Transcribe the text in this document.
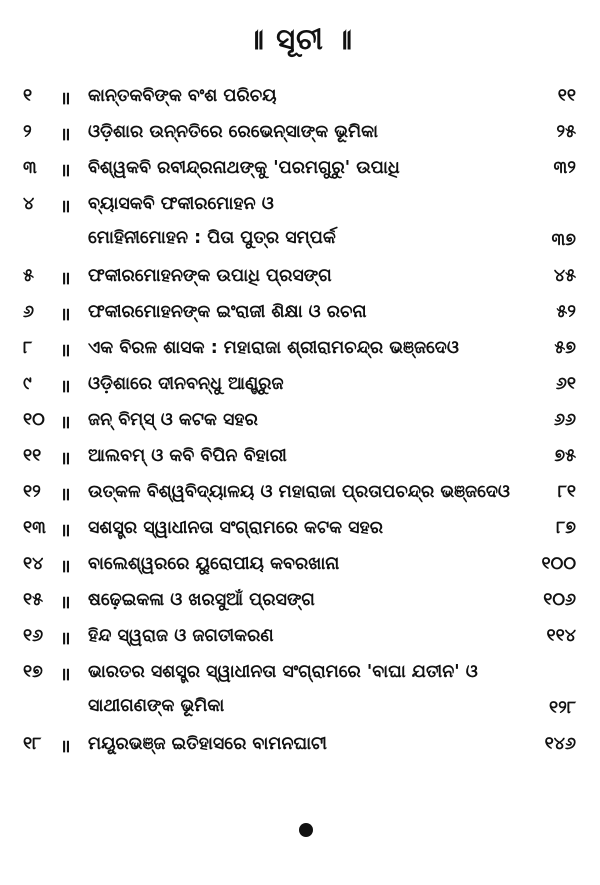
॥ ସୂଚୀ ॥
୧ ॥ କାନ୍ତକବିଙ୍କ ବଂଶ ପରିଚୟ	୧୧
୨ ॥ ଓଡ଼ିଶାର ଉନ୍ନତିରେ ରେଭେନ୍‌ସାଙ୍କ ଭୂମିକା	୨୫
୩ ॥ ବିଶ୍ୱକବି ରବୀନ୍ଦ୍ରନାଥଙ୍କୁ 'ପରମଗୁରୁ' ଉପାଧି	୩୨
୪ ॥ ବ୍ୟାସକବି ଫକୀରମୋହନ ଓ
ମୋହିନୀମୋହନ : ପିତା ପୁତ୍ର ସମ୍ପର୍କ	୩୭
୫ ॥ ଫକୀରମୋହନଙ୍କ ଉପାଧି ପ୍ରସଙ୍ଗ	୪୫
୬ ॥ ଫକୀରମୋହନଙ୍କ ଇଂରାଜୀ ଶିକ୍ଷା ଓ ରଚନା	୫୨
୮ ॥ ଏକ ବିରଳ ଶାସକ : ମହାରାଜା ଶ୍ରୀରାମଚନ୍ଦ୍ର ଭଞ୍ଜଦେଓ	୫୭
୯ ॥ ଓଡ଼ିଶାରେ ଦୀନବନ୍ଧୁ ଆଣ୍ଡ୍ରୁଜ	୬୧
୧୦ ॥ ଜନ୍ ବିମ୍‌ସ୍ ଓ କଟକ ସହର	୬୬
୧୧ ॥ ଆଲବମ୍ ଓ କବି ବିପିନ ବିହାରୀ	୭୫
୧୨ ॥ ଉତ୍କଳ ବିଶ୍ୱବିଦ୍ୟାଳୟ ଓ ମହାରାଜା ପ୍ରତାପଚନ୍ଦ୍ର ଭଞ୍ଜଦେଓ	୮୧
୧୩ ॥ ସଶସ୍ତ୍ର ସ୍ୱାଧୀନତା ସଂଗ୍ରାମରେ କଟକ ସହର	୮୭
୧୪ ॥ ବାଲେଶ୍ୱରରେ ୟୁରୋପୀୟ କବରଖାନା	୧୦୦
୧୫ ॥ ଷଢ଼େଇକଳା ଓ ଖରସୁଆଁ ପ୍ରସଙ୍ଗ	୧୦୬
୧୬ ॥ ହିନ୍ଦ ସ୍ୱରାଜ ଓ ଜଗତୀକରଣ	୧୧୪
୧୭ ॥ ଭାରତର ସଶସ୍ତ୍ର ସ୍ୱାଧୀନତା ସଂଗ୍ରାମରେ 'ବାଘା ଯତୀନ' ଓ
ସାଥୀଗଣଙ୍କ ଭୂମିକା	୧୨୮
୧୮ ॥ ମୟୂରଭଞ୍ଜ ଇତିହାସରେ ବାମନଘାଟୀ	୧୪୬
